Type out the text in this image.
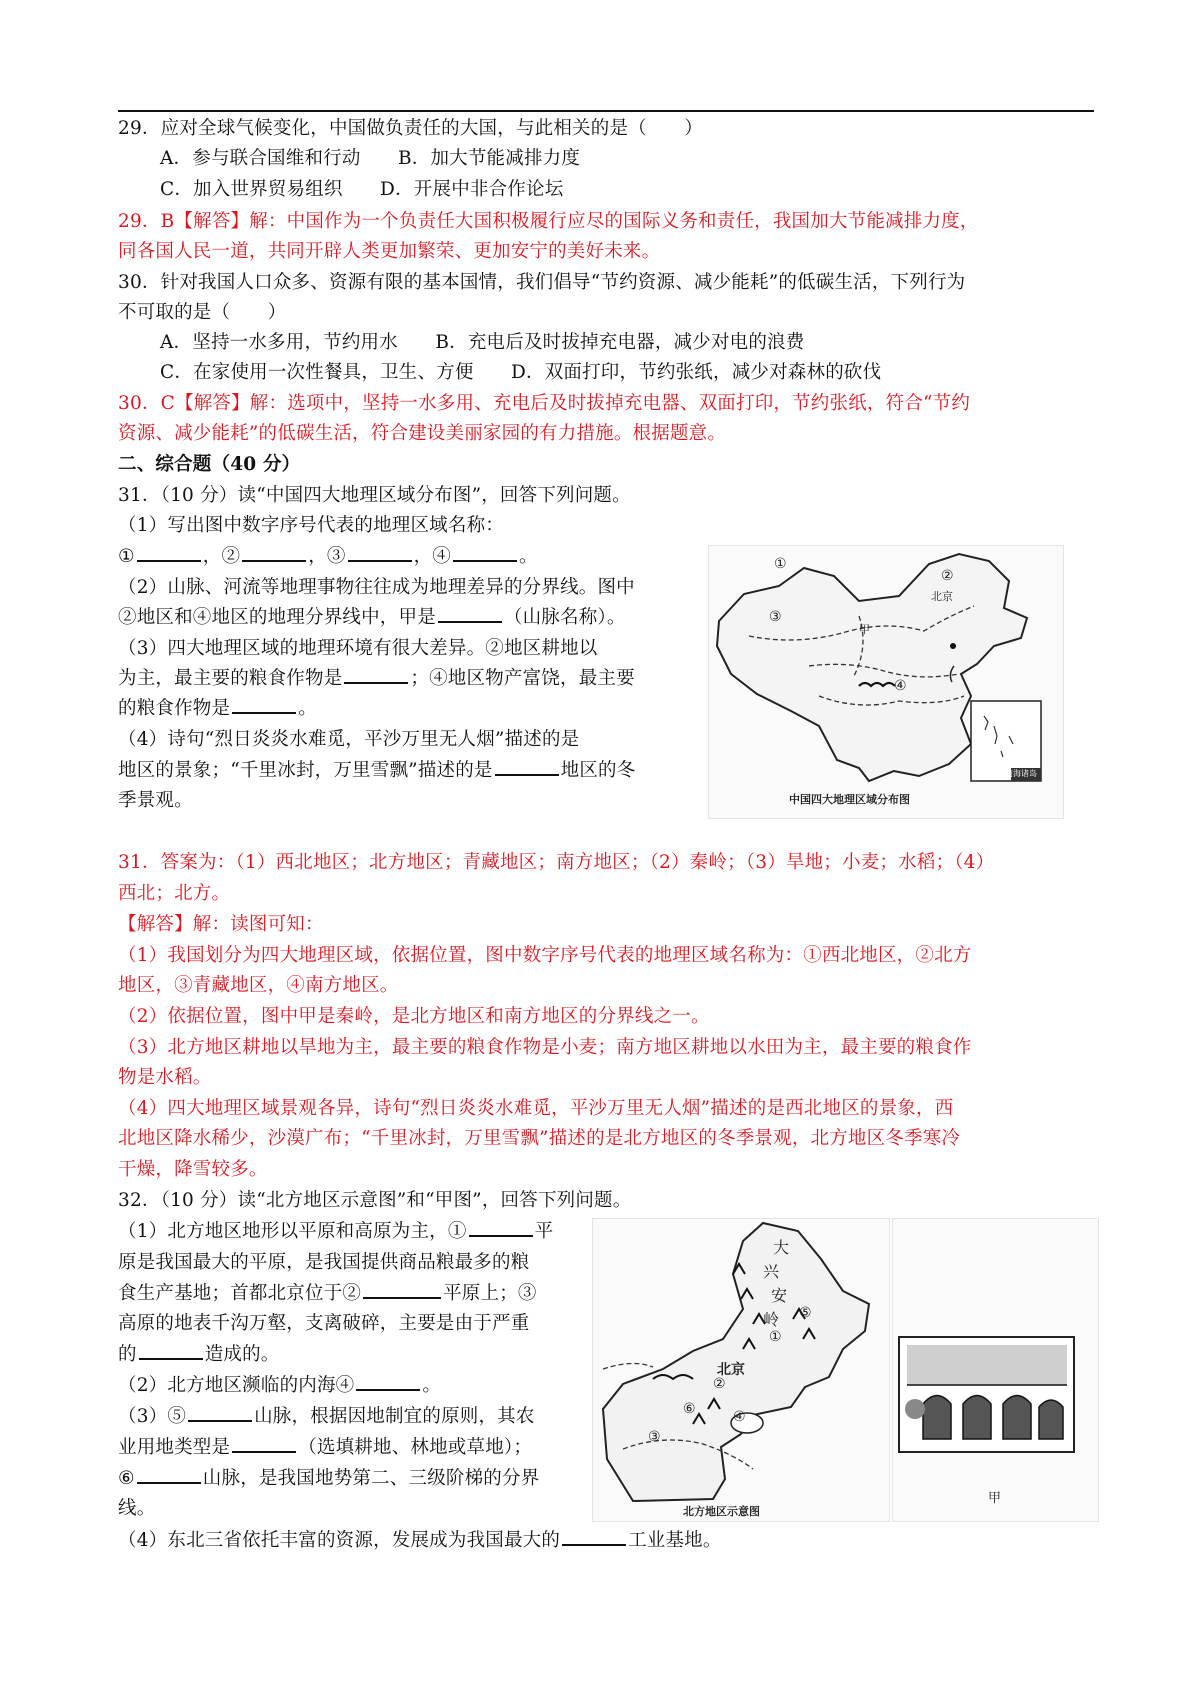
29．应对全球气候变化，中国做负责任的大国，与此相关的是（　　）
A．参与联合国维和行动　　B．加大节能减排力度
C．加入世界贸易组织　　D．开展中非合作论坛
29．B【解答】解：中国作为一个负责任大国积极履行应尽的国际义务和责任，我国加大节能减排力度，
同各国人民一道，共同开辟人类更加繁荣、更加安宁的美好未来。
30．针对我国人口众多、资源有限的基本国情，我们倡导“节约资源、减少能耗”的低碳生活，下列行为
不可取的是（　　）
A．坚持一水多用，节约用水　　B．充电后及时拔掉充电器，减少对电的浪费
C．在家使用一次性餐具，卫生、方便　　D．双面打印，节约张纸，减少对森林的砍伐
30．C【解答】解：选项中，坚持一水多用、充电后及时拔掉充电器、双面打印，节约张纸，符合“节约
资源、减少能耗”的低碳生活，符合建设美丽家园的有力措施。根据题意。
二、综合题（40 分）
31．（10 分）读“中国四大地理区域分布图”，回答下列问题。
（1）写出图中数字序号代表的地理区域名称：
①	，②	，③	，④	。
（2）山脉、河流等地理事物往往成为地理差异的分界线。图中
②地区和④地区的地理分界线中，甲是	（山脉名称）。
（3）四大地理区域的地理环境有很大差异。②地区耕地以
为主，最主要的粮食作物是	；④地区物产富饶，最主要
的粮食作物是	。
（4）诗句“烈日炎炎水难觅，平沙万里无人烟”描述的是
地区的景象；“千里冰封，万里雪飘”描述的是	地区的冬
季景观。
①
②
③
④
北京
甲
南海诸岛
中国四大地理区域分布图
31．答案为：（1）西北地区；北方地区；青藏地区；南方地区；（2）秦岭；（3）旱地；小麦；水稻；（4）
西北；北方。
【解答】解：读图可知：
（1）我国划分为四大地理区域，依据位置，图中数字序号代表的地理区域名称为：①西北地区，②北方
地区，③青藏地区，④南方地区。
（2）依据位置，图中甲是秦岭，是北方地区和南方地区的分界线之一。
（3）北方地区耕地以旱地为主，最主要的粮食作物是小麦；南方地区耕地以水田为主，最主要的粮食作
物是水稻。
（4）四大地理区域景观各异，诗句“烈日炎炎水难觅，平沙万里无人烟”描述的是西北地区的景象，西
北地区降水稀少，沙漠广布；“千里冰封，万里雪飘”描述的是北方地区的冬季景观，北方地区冬季寒冷
干燥，降雪较多。
32．（10 分）读“北方地区示意图”和“甲图”，回答下列问题。
（1）北方地区地形以平原和高原为主，①	平
原是我国最大的平原，是我国提供商品粮最多的粮
食生产基地；首都北京位于②	平原上；③
高原的地表千沟万壑，支离破碎，主要是由于严重
的	造成的。
（2）北方地区濒临的内海④	。
（3）⑤	山脉，根据因地制宜的原则，其农
业用地类型是	（选填耕地、林地或草地）；
⑥	山脉，是我国地势第二、三级阶梯的分界
线。
（4）东北三省依托丰富的资源，发展成为我国最大的	工业基地。
大
兴
安
岭
①
②
③
④
⑤
⑥
北京
北方地区示意图
甲
